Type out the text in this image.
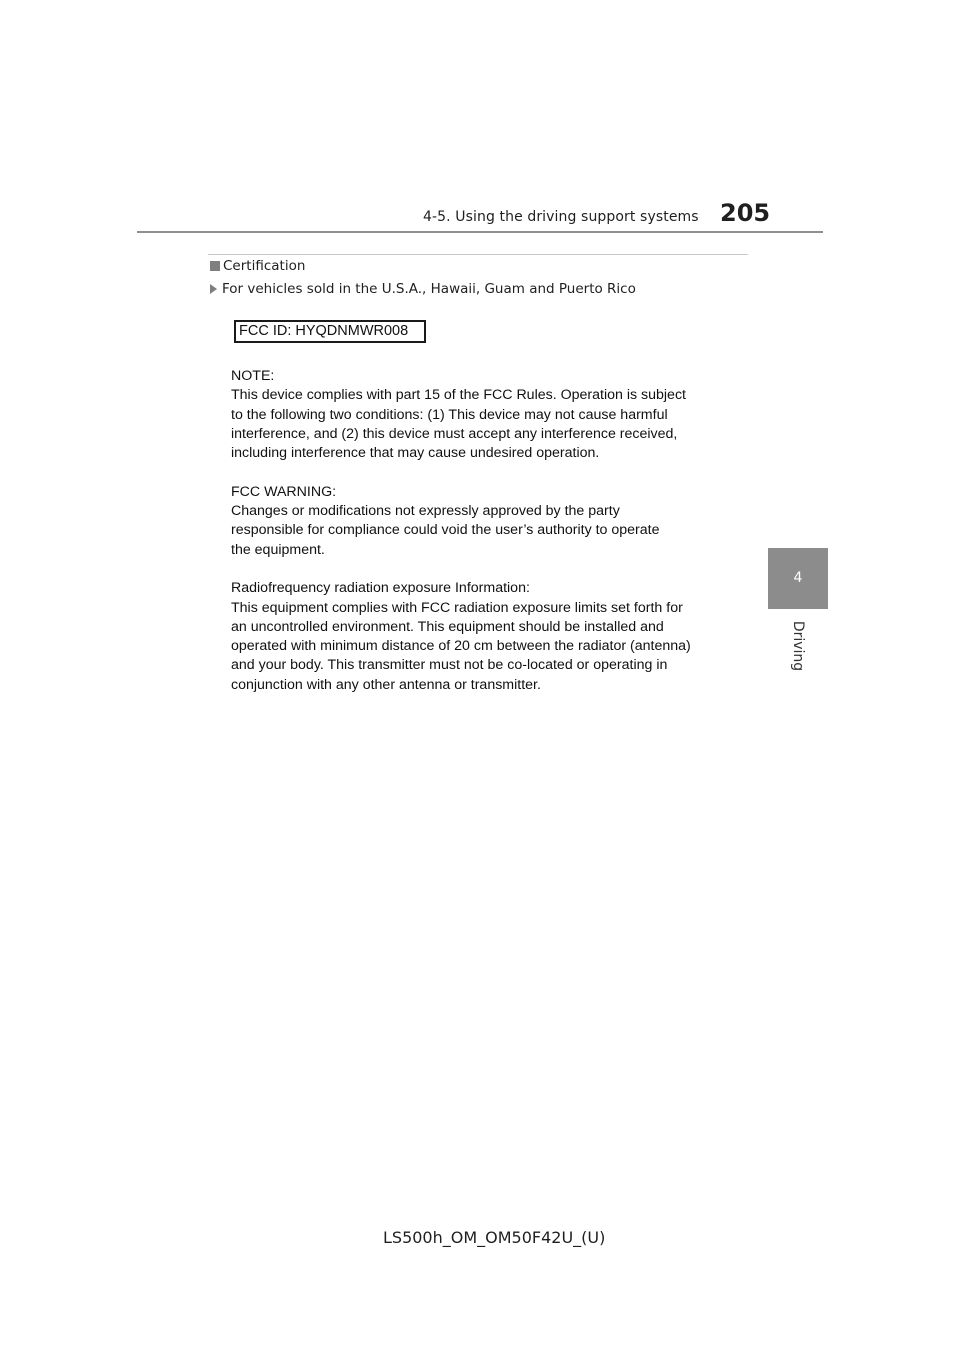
4-5. Using the driving support systems 205
4
Driving
Certification
For vehicles sold in the U.S.A., Hawaii, Guam and Puerto Rico
FCC ID: HYQDNMWR008

NOTE:
This device complies with part 15 of the FCC Rules. Operation is subject
to the following two conditions: (1) This device may not cause harmful
interference, and (2) this device must accept any interference received,
including interference that may cause undesired operation.

FCC WARNING:
Changes or modifications not expressly approved by the party
responsible for compliance could void the user’s authority to operate
the equipment.

Radiofrequency radiation exposure Information:
This equipment complies with FCC radiation exposure limits set forth for
an uncontrolled environment. This equipment should be installed and
operated with minimum distance of 20 cm between the radiator (antenna)
and your body. This transmitter must not be co-located or operating in
conjunction with any other antenna or transmitter.

LS500h_OM_OM50F42U_(U)
